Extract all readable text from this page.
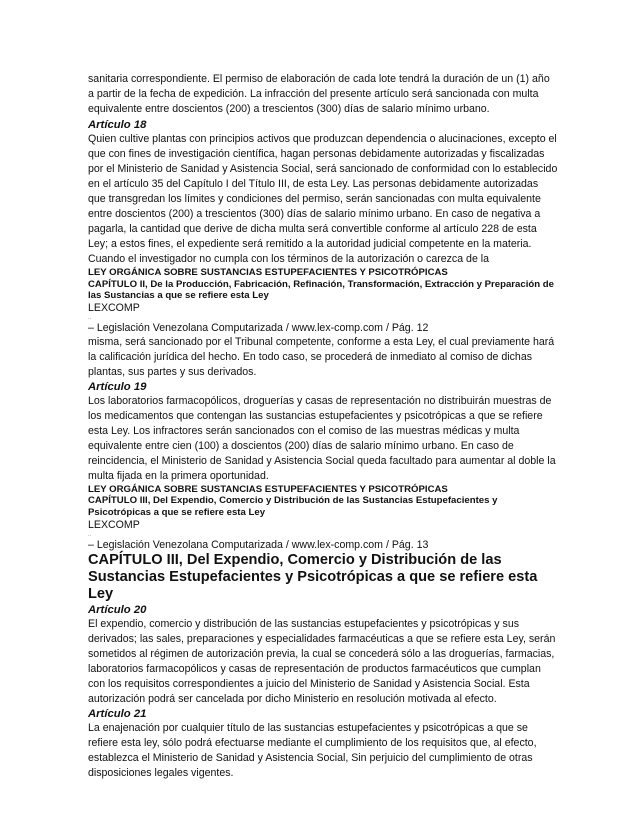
sanitaria correspondiente. El permiso de elaboración de cada lote tendrá la duración de un (1) año a partir de la fecha de expedición. La infracción del presente artículo será sancionada con multa equivalente entre doscientos (200) a trescientos (300) días de salario mínimo urbano.

Artículo 18

Quien cultive plantas con principios activos que produzcan dependencia o alucinaciones, excepto el que con fines de investigación científica, hagan personas debidamente autorizadas y fiscalizadas por el Ministerio de Sanidad y Asistencia Social, será sancionado de conformidad con lo establecido en el artículo 35 del Capítulo I del Título III, de esta Ley. Las personas debidamente autorizadas que transgredan los límites y condiciones del permiso, serán sancionadas con multa equivalente entre doscientos (200) a trescientos (300) días de salario mínimo urbano. En caso de negativa a pagarla, la cantidad que derive de dicha multa será convertible conforme al artículo 228 de esta Ley; a estos fines, el expediente será remitido a la autoridad judicial competente en la materia. Cuando el investigador no cumpla con los términos de la autorización o carezca de la

LEY ORGÁNICA SOBRE SUSTANCIAS ESTUPEFACIENTES Y PSICOTRÓPICAS

CAPÍTULO II, De la Producción, Fabricación, Refinación, Transformación, Extracción y Preparación de las Sustancias a que se refiere esta Ley

LEXCOMP

..

– Legislación Venezolana Computarizada / www.lex-comp.com / Pág. 12

misma, será sancionado por el Tribunal competente, conforme a esta Ley, el cual previamente hará la calificación jurídica del hecho. En todo caso, se procederá de inmediato al comiso de dichas plantas, sus partes y sus derivados.

Artículo 19

Los laboratorios farmacopólicos, droguerías y casas de representación no distribuirán muestras de los medicamentos que contengan las sustancias estupefacientes y psicotrópicas a que se refiere esta Ley. Los infractores serán sancionados con el comiso de las muestras médicas y multa equivalente entre cien (100) a doscientos (200) días de salario mínimo urbano. En caso de reincidencia, el Ministerio de Sanidad y Asistencia Social queda facultado para aumentar al doble la multa fijada en la primera oportunidad.

LEY ORGÁNICA SOBRE SUSTANCIAS ESTUPEFACIENTES Y PSICOTRÓPICAS

CAPÍTULO III, Del Expendio, Comercio y Distribución de las Sustancias Estupefacientes y Psicotrópicas a que se refiere esta Ley

LEXCOMP

..

– Legislación Venezolana Computarizada / www.lex-comp.com / Pág. 13

CAPÍTULO III, Del Expendio, Comercio y Distribución de las Sustancias Estupefacientes y Psicotrópicas a que se refiere esta Ley

Artículo 20

El expendio, comercio y distribución de las sustancias estupefacientes y psicotrópicas y sus derivados; las sales, preparaciones y especialidades farmacéuticas a que se refiere esta Ley, serán sometidos al régimen de autorización previa, la cual se concederá sólo a las droguerías, farmacias, laboratorios farmacopólicos y casas de representación de productos farmacéuticos que cumplan con los requisitos correspondientes a juicio del Ministerio de Sanidad y Asistencia Social. Esta autorización podrá ser cancelada por dicho Ministerio en resolución motivada al efecto.

Artículo 21

La enajenación por cualquier título de las sustancias estupefacientes y psicotrópicas a que se refiere esta ley, sólo podrá efectuarse mediante el cumplimiento de los requisitos que, al efecto, establezca el Ministerio de Sanidad y Asistencia Social, Sin perjuicio del cumplimiento de otras disposiciones legales vigentes.
